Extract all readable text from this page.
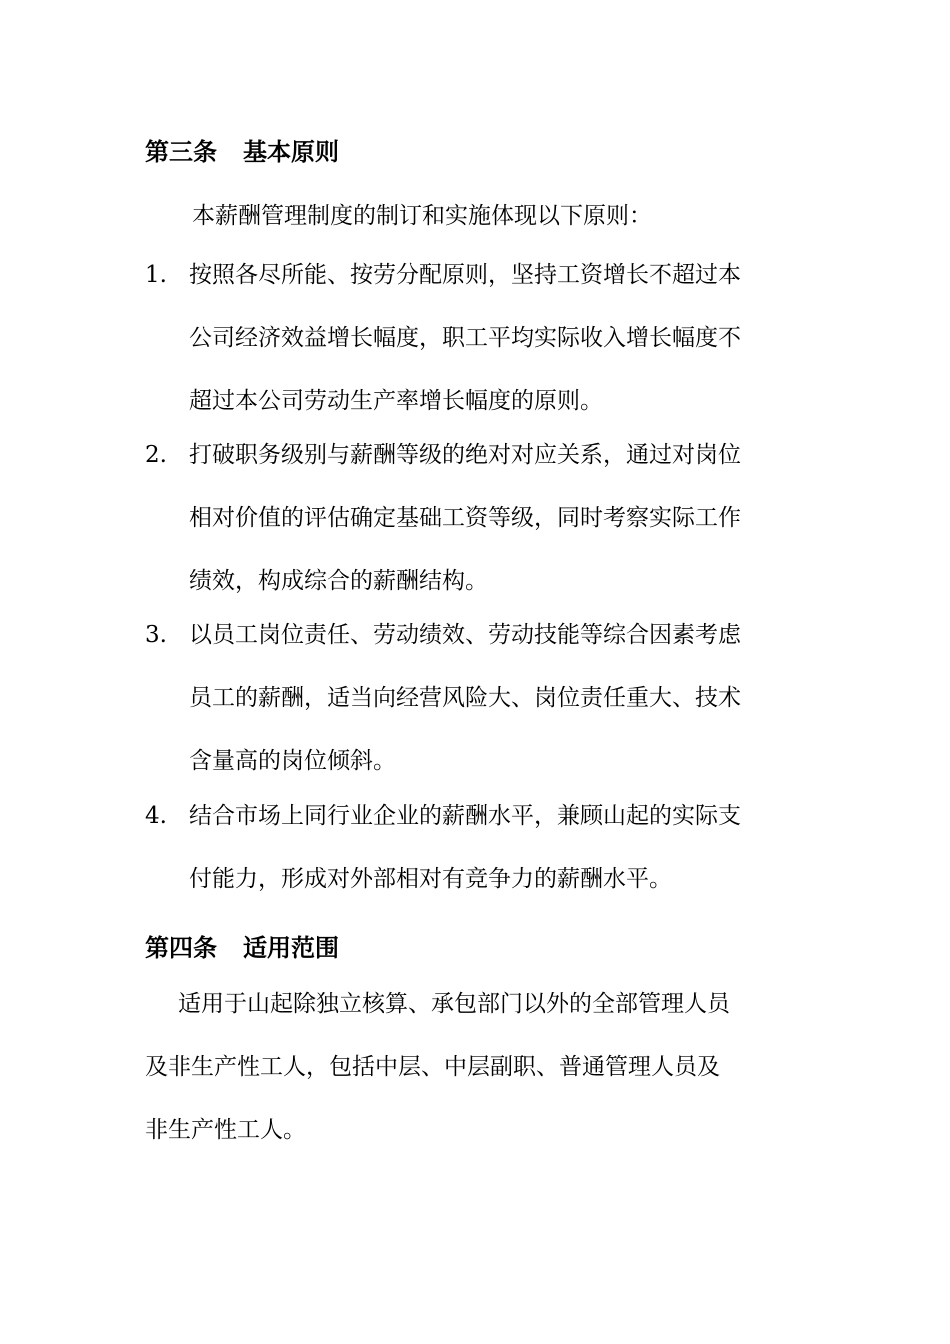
第三条 基本原则
本薪酬管理制度的制订和实施体现以下原则：
1. 按照各尽所能、按劳分配原则，坚持工资增长不超过本
公司经济效益增长幅度，职工平均实际收入增长幅度不
超过本公司劳动生产率增长幅度的原则。
2. 打破职务级别与薪酬等级的绝对对应关系，通过对岗位
相对价值的评估确定基础工资等级，同时考察实际工作
绩效，构成综合的薪酬结构。
3. 以员工岗位责任、劳动绩效、劳动技能等综合因素考虑
员工的薪酬，适当向经营风险大、岗位责任重大、技术
含量高的岗位倾斜。
4. 结合市场上同行业企业的薪酬水平，兼顾山起的实际支
付能力，形成对外部相对有竞争力的薪酬水平。
第四条 适用范围
适用于山起除独立核算、承包部门以外的全部管理人员
及非生产性工人，包括中层、中层副职、普通管理人员及
非生产性工人。
